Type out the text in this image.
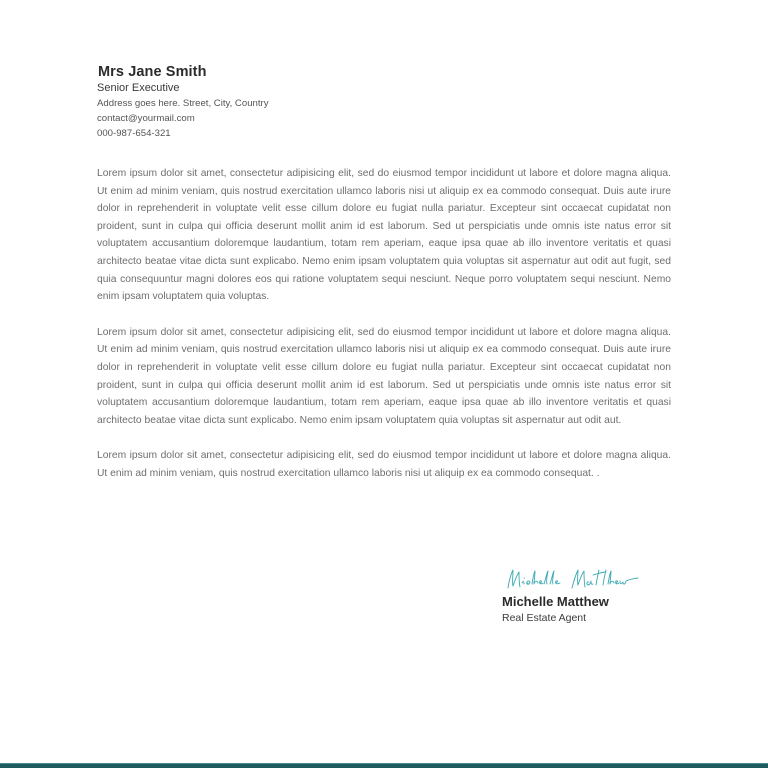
Mrs Jane Smith
Senior Executive
Address goes here. Street, City, Country
contact@yourmail.com
000-987-654-321

Lorem ipsum dolor sit amet, consectetur adipisicing elit, sed do eiusmod tempor incididunt ut labore et dolore magna aliqua. Ut enim ad minim veniam, quis nostrud exercitation ullamco laboris nisi ut aliquip ex ea commodo consequat. Duis aute irure dolor in reprehenderit in voluptate velit esse cillum dolore eu fugiat nulla pariatur. Excepteur sint occaecat cupidatat non proident, sunt in culpa qui officia deserunt mollit anim id est laborum. Sed ut perspiciatis unde omnis iste natus error sit voluptatem accusantium doloremque laudantium, totam rem aperiam, eaque ipsa quae ab illo inventore veritatis et quasi architecto beatae vitae dicta sunt explicabo. Nemo enim ipsam voluptatem quia voluptas sit aspernatur aut odit aut fugit, sed quia consequuntur magni dolores eos qui ratione voluptatem sequi nesciunt. Neque porro voluptatem sequi nesciunt. Nemo enim ipsam voluptatem quia voluptas.

Lorem ipsum dolor sit amet, consectetur adipisicing elit, sed do eiusmod tempor incididunt ut labore et dolore magna aliqua. Ut enim ad minim veniam, quis nostrud exercitation ullamco laboris nisi ut aliquip ex ea commodo consequat. Duis aute irure dolor in reprehenderit in voluptate velit esse cillum dolore eu fugiat nulla pariatur. Excepteur sint occaecat cupidatat non proident, sunt in culpa qui officia deserunt mollit anim id est laborum. Sed ut perspiciatis unde omnis iste natus error sit voluptatem accusantium doloremque laudantium, totam rem aperiam, eaque ipsa quae ab illo inventore veritatis et quasi architecto beatae vitae dicta sunt explicabo. Nemo enim ipsam voluptatem quia voluptas sit aspernatur aut odit aut.

Lorem ipsum dolor sit amet, consectetur adipisicing elit, sed do eiusmod tempor incididunt ut labore et dolore magna aliqua. Ut enim ad minim veniam, quis nostrud exercitation ullamco laboris nisi ut aliquip ex ea commodo consequat. .

Michelle Matthew
Real Estate Agent
